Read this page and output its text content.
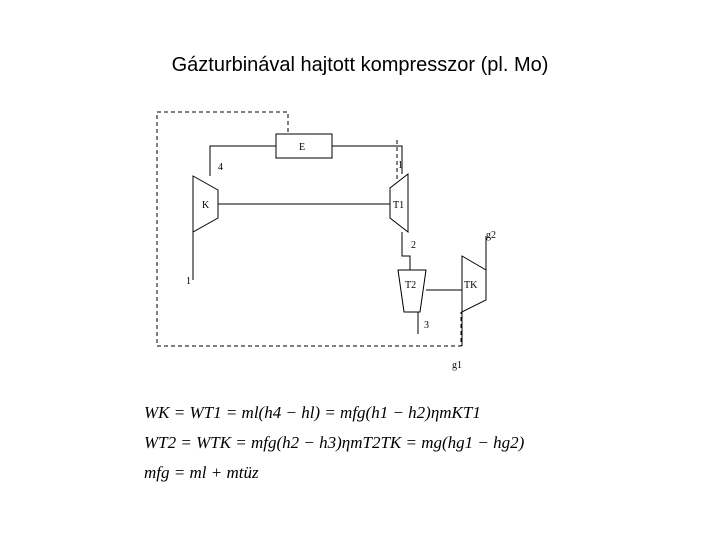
Gázturbinával hajtott kompresszor (pl. Mo)
E
4	1
K	T1
1
2
T2
3
TK
g2
g1
WK = WT1 = ml(h4 − hl) = mfg(h1 − h2)ηmKT1
WT2 = WTK = mfg(h2 − h3)ηmT2TK = mg(hg1 − hg2)
mfg = ml + mtüz
